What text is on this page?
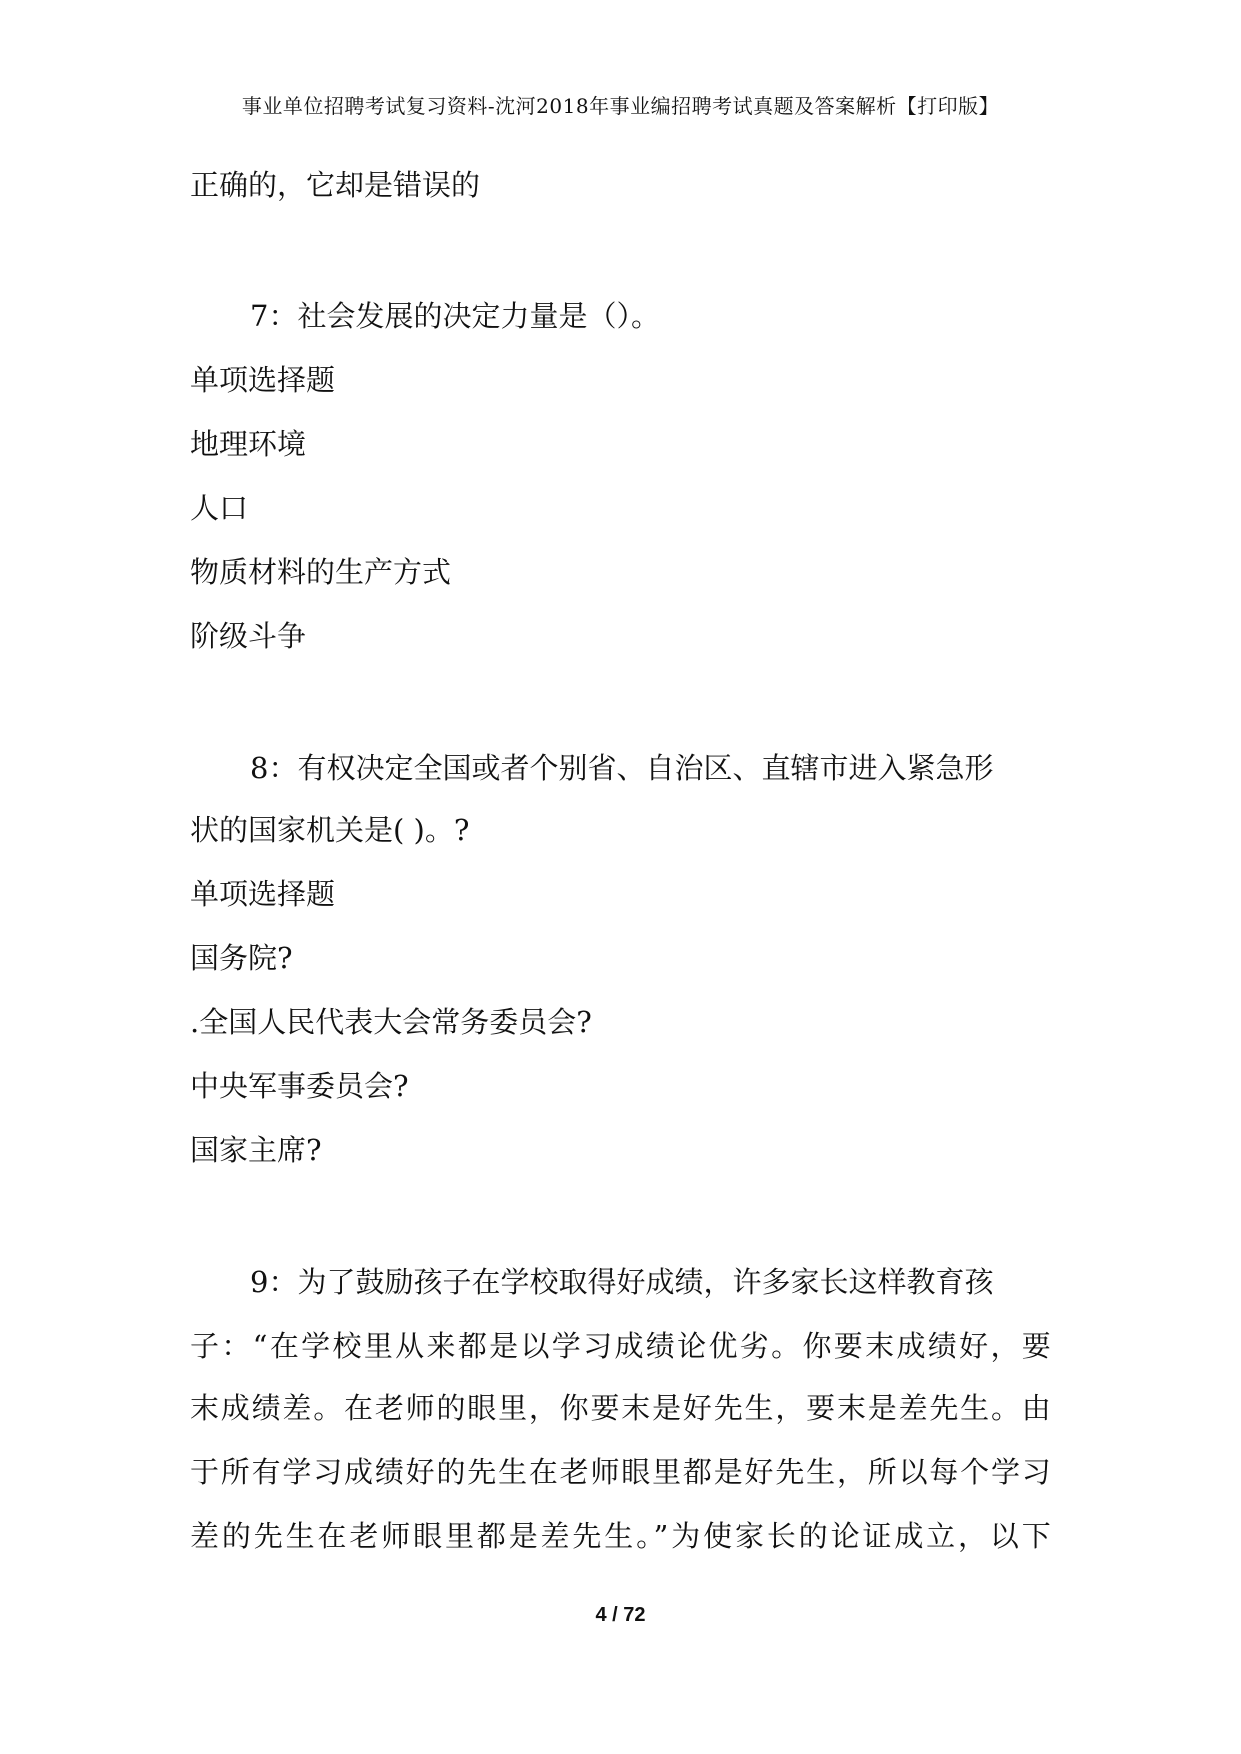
事业单位招聘考试复习资料-沈河2018年事业编招聘考试真题及答案解析【打印版】
正确的，它却是错误的
7：社会发展的决定力量是（）。
单项选择题
地理环境
人口
物质材料的生产方式
阶级斗争
8：有权决定全国或者个别省、自治区、直辖市进入紧急形
状的国家机关是( )。?
单项选择题
国务院?
.全国人民代表大会常务委员会?
中央军事委员会?
国家主席?
9：为了鼓励孩子在学校取得好成绩，许多家长这样教育孩
子：“在学校里从来都是以学习成绩论优劣。你要末成绩好，要
末成绩差。在老师的眼里，你要末是好先生，要末是差先生。由
于所有学习成绩好的先生在老师眼里都是好先生，所以每个学习
差的先生在老师眼里都是差先生。”为使家长的论证成立，以下
4 / 72
